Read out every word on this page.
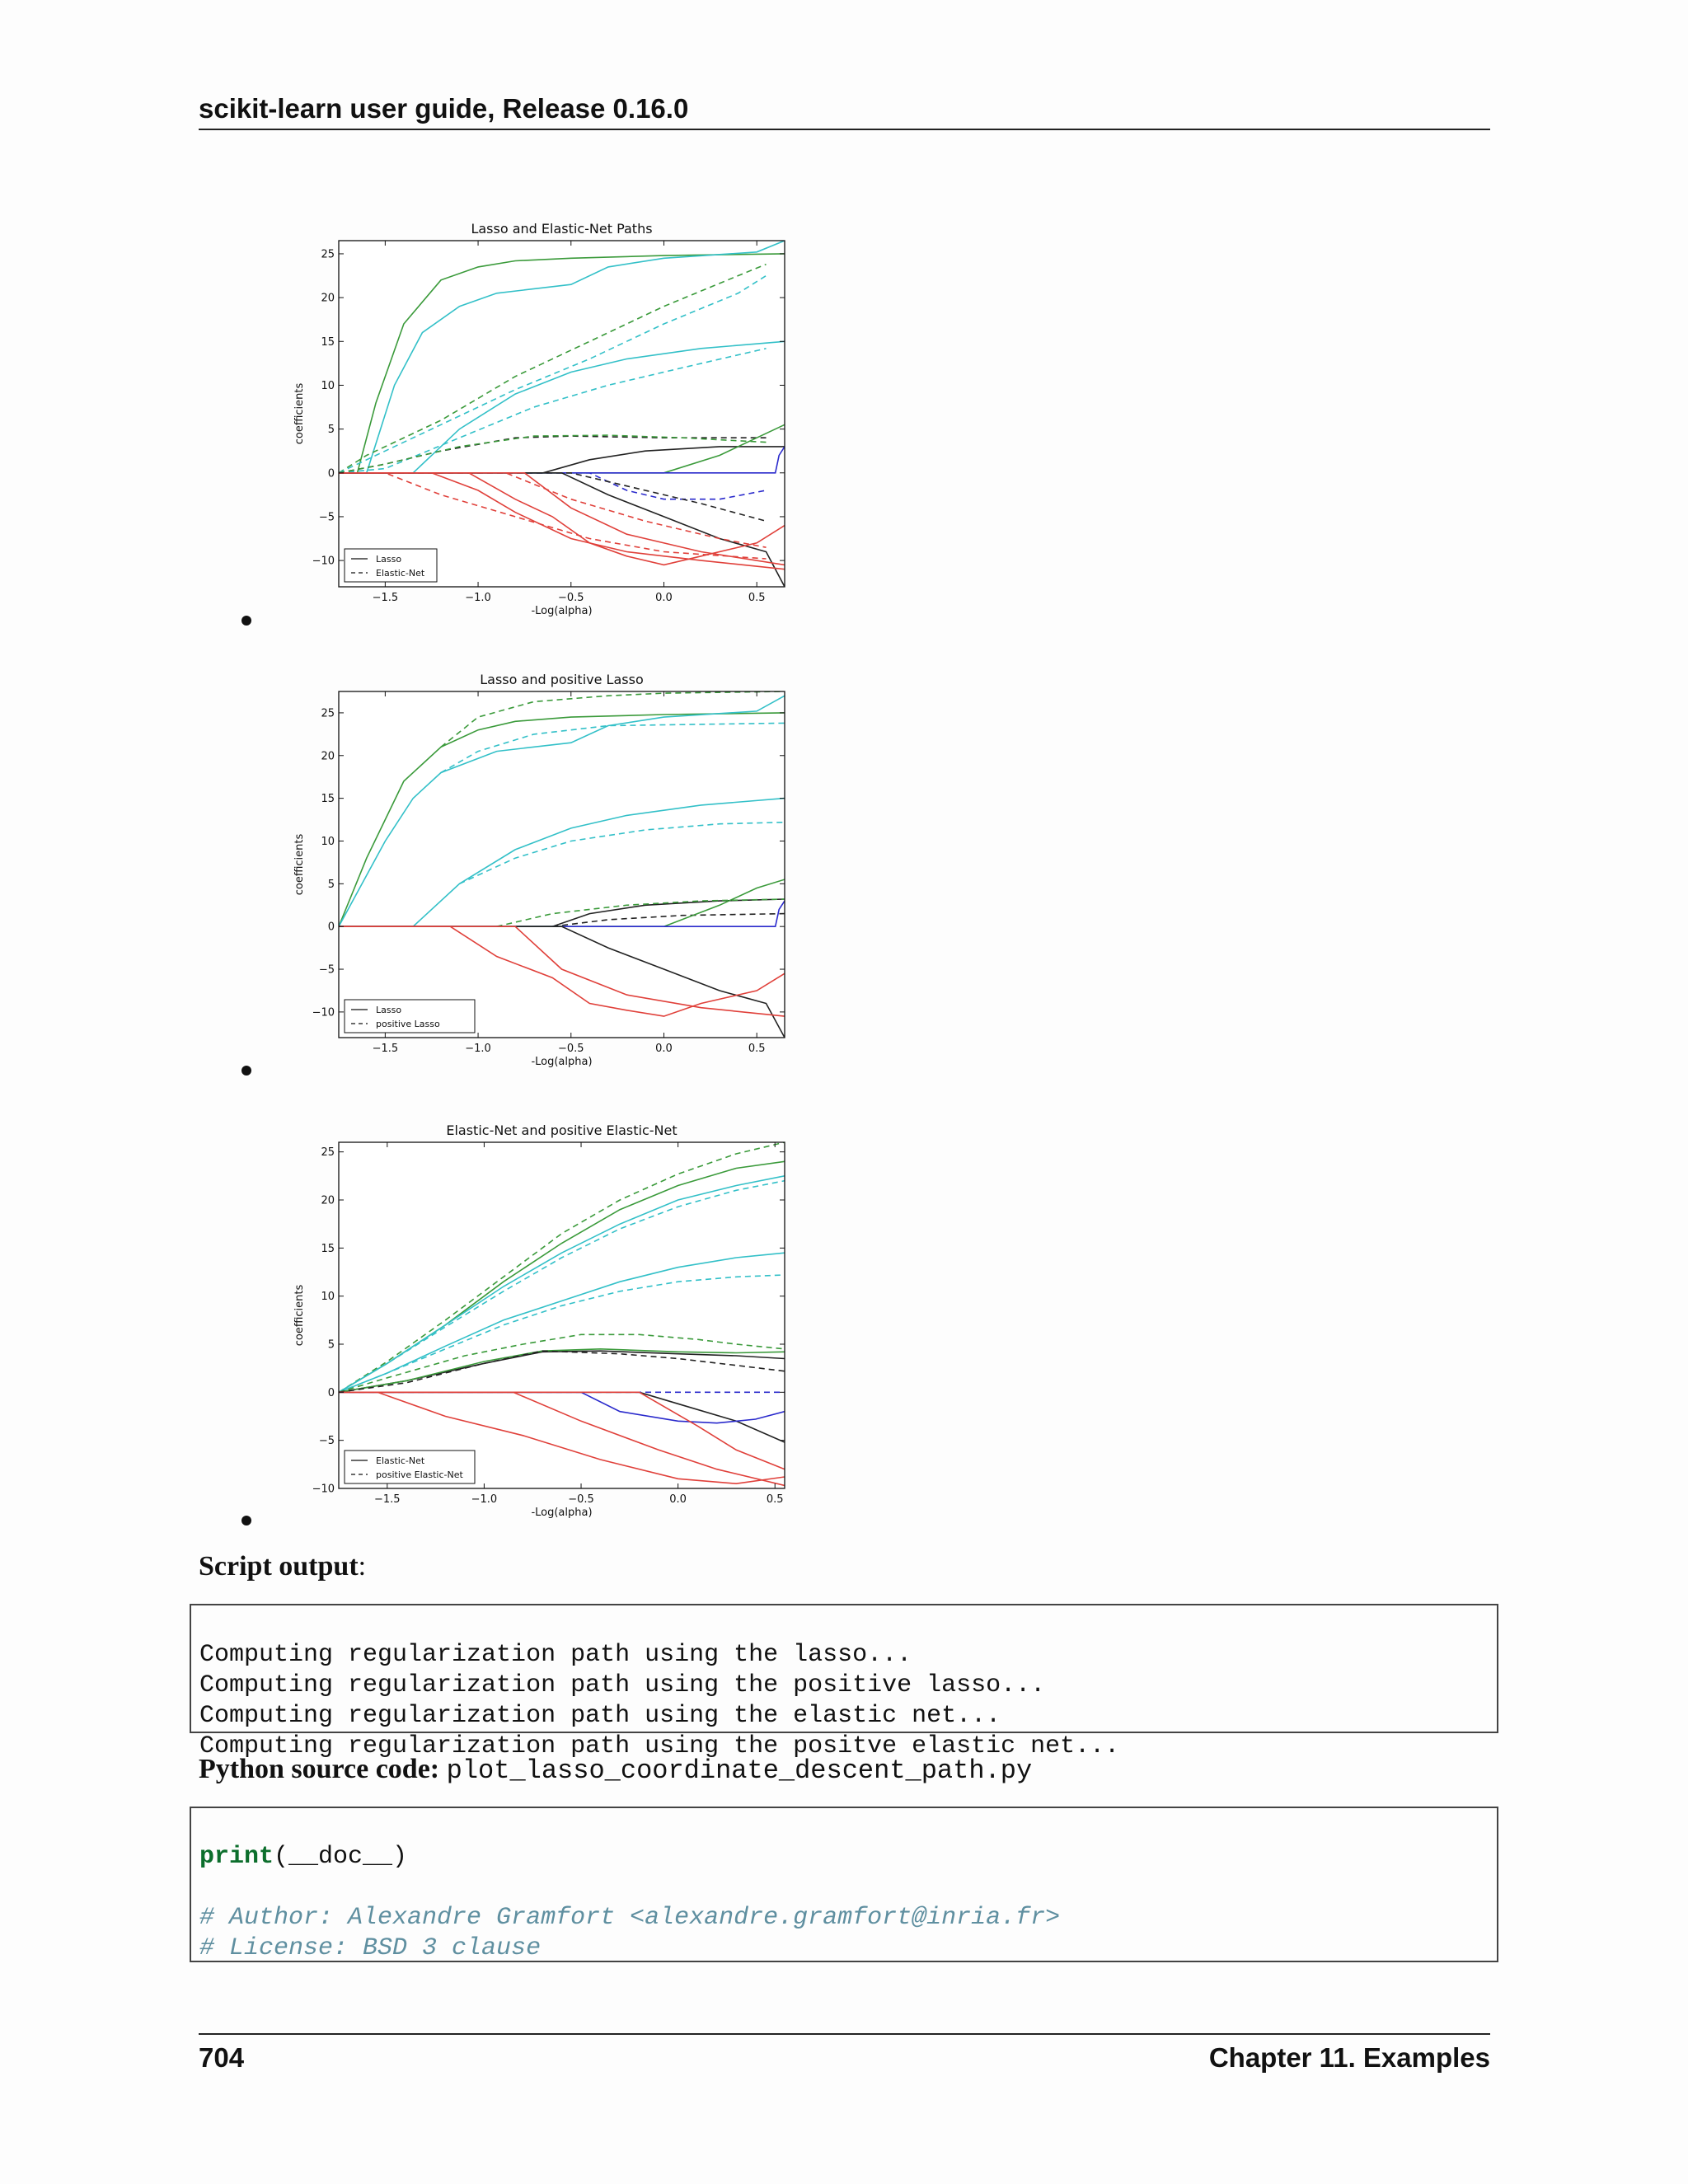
scikit-learn user guide, Release 0.16.0
Lasso and Elastic-Net Paths
−1.5	−1.0	−0.5	0.0	0.5
−10
−5
0
5
10
15
20
25
-Log(alpha)
coefficients
Lasso
Elastic-Net
Lasso and positive Lasso
−1.5	−1.0	−0.5	0.0	0.5
−10
−5
0
5
10
15
20
25
-Log(alpha)
coefficients
Lasso
positive Lasso
Elastic-Net and positive Elastic-Net
−1.5	−1.0	−0.5	0.0	0.5
−10
−5
0
5
10
15
20
25
-Log(alpha)
coefficients
Elastic-Net
positive Elastic-Net
Script output:

Computing regularization path using the lasso...
Computing regularization path using the positive lasso...
Computing regularization path using the elastic net...
Computing regularization path using the positve elastic net...
Python source code: plot_lasso_coordinate_descent_path.py

print(__doc__)

# Author: Alexandre Gramfort <alexandre.gramfort@inria.fr>
# License: BSD 3 clause
704	Chapter 11. Examples
